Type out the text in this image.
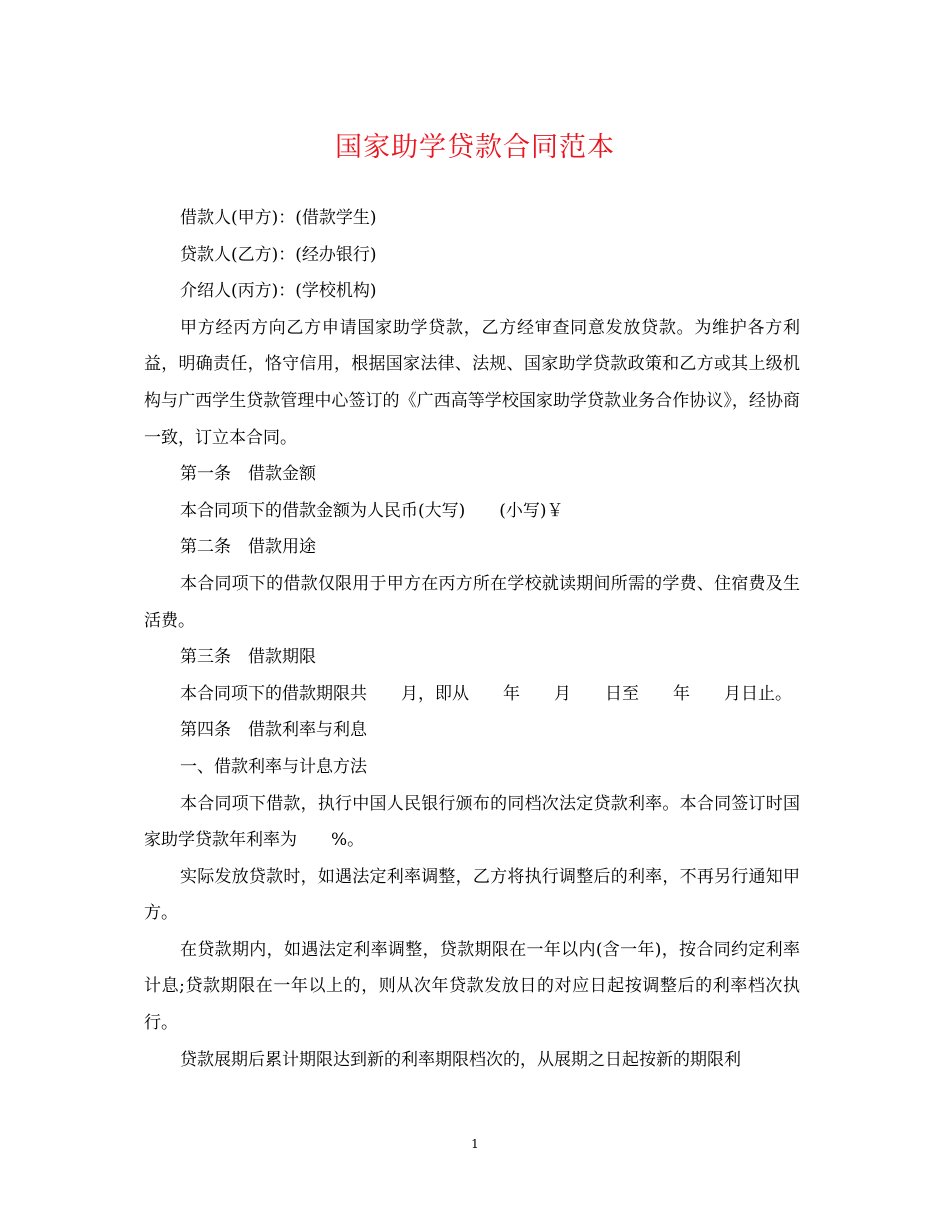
国家助学贷款合同范本

借款人(甲方)：(借款学生)

贷款人(乙方)：(经办银行)

介绍人(丙方)：(学校机构)

甲方经丙方向乙方申请国家助学贷款，乙方经审查同意发放贷款。为维护各方利益，明确责任，恪守信用，根据国家法律、法规、国家助学贷款政策和乙方或其上级机构与广西学生贷款管理中心签订的《广西高等学校国家助学贷款业务合作协议》，经协商一致，订立本合同。

第一条　借款金额

本合同项下的借款金额为人民币(大写)　　(小写)￥

第二条　借款用途

本合同项下的借款仅限用于甲方在丙方所在学校就读期间所需的学费、住宿费及生活费。

第三条　借款期限

本合同项下的借款期限共　　月，即从　　年　　月　　日至　　年　　月日止。

第四条　借款利率与利息

一、借款利率与计息方法

本合同项下借款，执行中国人民银行颁布的同档次法定贷款利率。本合同签订时国家助学贷款年利率为　　%。

实际发放贷款时，如遇法定利率调整，乙方将执行调整后的利率，不再另行通知甲方。

在贷款期内，如遇法定利率调整，贷款期限在一年以内(含一年)，按合同约定利率计息;贷款期限在一年以上的，则从次年贷款发放日的对应日起按调整后的利率档次执行。

贷款展期后累计期限达到新的利率期限档次的，从展期之日起按新的期限利

1
